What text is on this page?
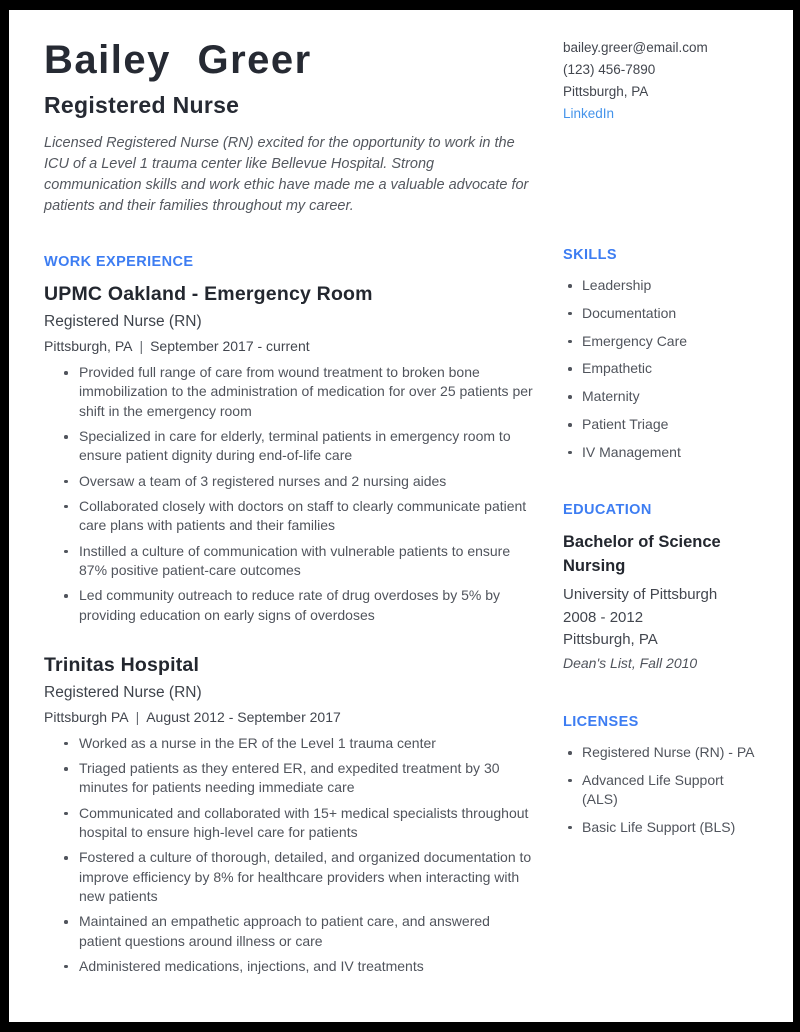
Bailey Greer
Registered Nurse

Licensed Registered Nurse (RN) excited for the opportunity to work in the ICU of a Level 1 trauma center like Bellevue Hospital. Strong communication skills and work ethic have made me a valuable advocate for patients and their families throughout my career.

WORK EXPERIENCE
UPMC Oakland - Emergency Room
Registered Nurse (RN)
Pittsburgh, PA | September 2017 - current
Provided full range of care from wound treatment to broken bone immobilization to the administration of medication for over 25 patients per shift in the emergency room
Specialized in care for elderly, terminal patients in emergency room to ensure patient dignity during end-of-life care
Oversaw a team of 3 registered nurses and 2 nursing aides
Collaborated closely with doctors on staff to clearly communicate patient care plans with patients and their families
Instilled a culture of communication with vulnerable patients to ensure 87% positive patient-care outcomes
Led community outreach to reduce rate of drug overdoses by 5% by providing education on early signs of overdoses
Trinitas Hospital
Registered Nurse (RN)
Pittsburgh PA | August 2012 - September 2017
Worked as a nurse in the ER of the Level 1 trauma center
Triaged patients as they entered ER, and expedited treatment by 30 minutes for patients needing immediate care
Communicated and collaborated with 15+ medical specialists throughout hospital to ensure high-level care for patients
Fostered a culture of thorough, detailed, and organized documentation to improve efficiency by 8% for healthcare providers when interacting with new patients
Maintained an empathetic approach to patient care, and answered patient questions around illness or care
Administered medications, injections, and IV treatments
bailey.greer@email.com
(123) 456-7890
Pittsburgh, PA
LinkedIn
SKILLS
Leadership
Documentation
Emergency Care
Empathetic
Maternity
Patient Triage
IV Management
EDUCATION
Bachelor of Science Nursing
University of Pittsburgh
2008 - 2012
Pittsburgh, PA
Dean's List, Fall 2010
LICENSES
Registered Nurse (RN) - PA
Advanced Life Support (ALS)
Basic Life Support (BLS)
